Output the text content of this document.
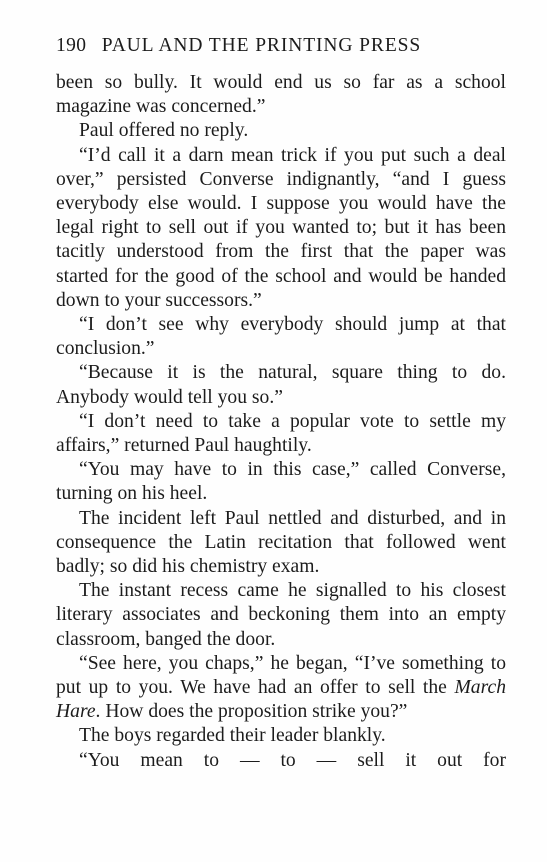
190 PAUL AND THE PRINTING PRESS

been so bully. It would end us so far as a school magazine was concerned.”

Paul offered no reply.

“I’d call it a darn mean trick if you put such a deal over,” persisted Converse indignantly, “and I guess everybody else would. I suppose you would have the legal right to sell out if you wanted to; but it has been tacitly understood from the first that the paper was started for the good of the school and would be handed down to your successors.”

“I don’t see why everybody should jump at that conclusion.”

“Because it is the natural, square thing to do. Anybody would tell you so.”

“I don’t need to take a popular vote to settle my affairs,” returned Paul haughtily.

“You may have to in this case,” called Converse, turning on his heel.

The incident left Paul nettled and disturbed, and in consequence the Latin recitation that followed went badly; so did his chemistry exam.

The instant recess came he signalled to his closest literary associates and beckoning them into an empty classroom, banged the door.

“See here, you chaps,” he began, “I’ve something to put up to you. We have had an offer to sell the March Hare. How does the proposition strike you?”

The boys regarded their leader blankly.

“You mean to — to — sell it out for
